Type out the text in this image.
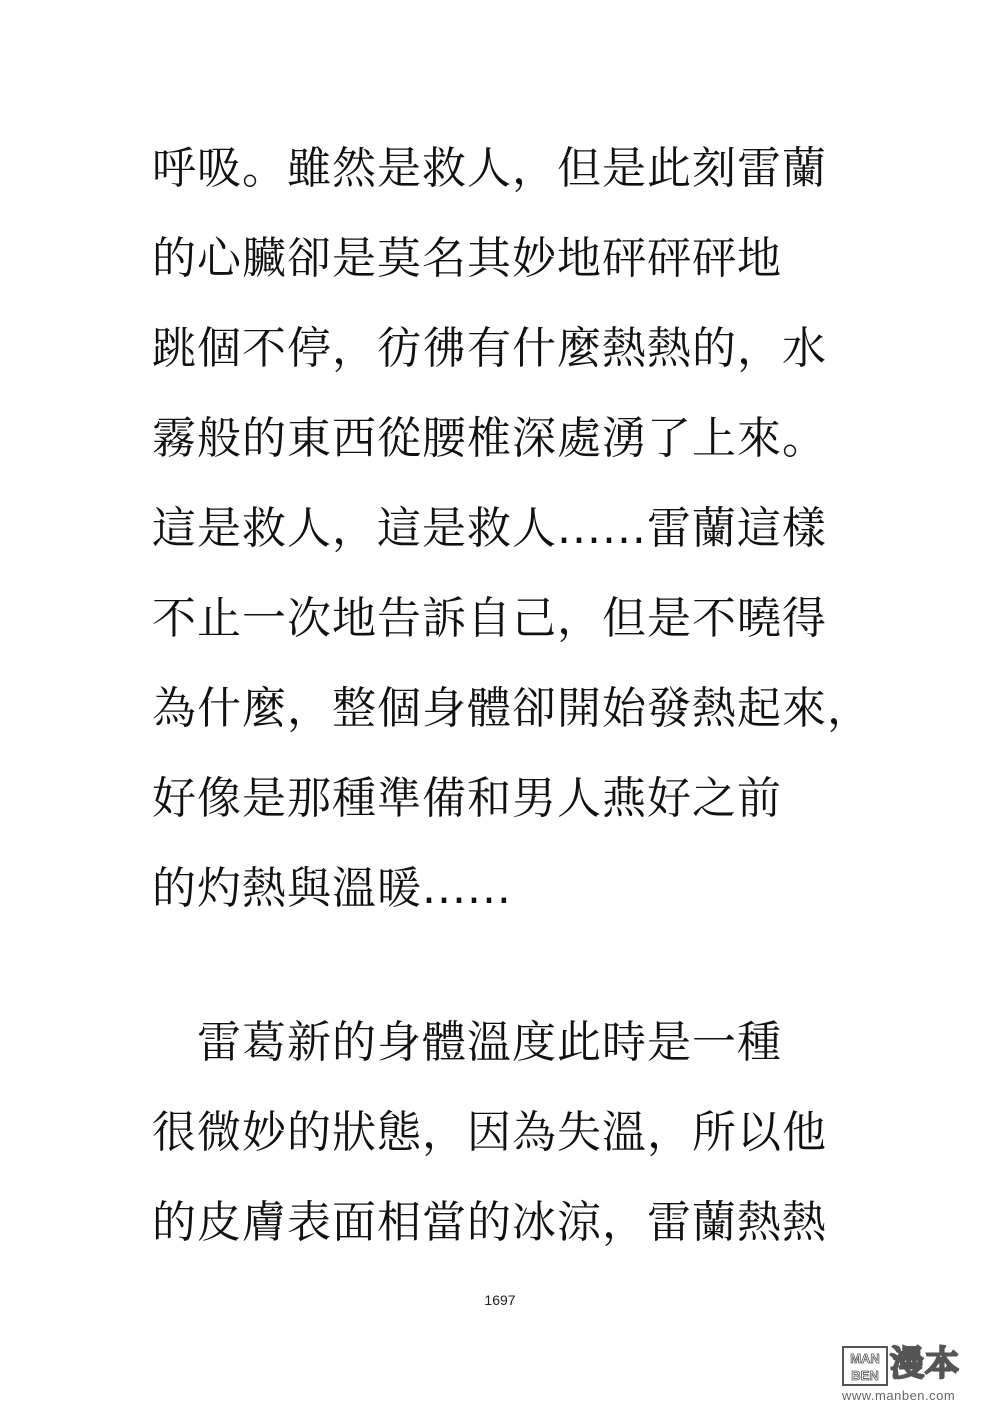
呼吸。雖然是救人，但是此刻雷蘭
的心臟卻是莫名其妙地砰砰砰地
跳個不停，彷彿有什麼熱熱的，水
霧般的東西從腰椎深處湧了上來。
這是救人，這是救人......雷蘭這樣
不止一次地告訴自己，但是不曉得
為什麼，整個身體卻開始發熱起來，
好像是那種準備和男人燕好之前
的灼熱與溫暖......
　雷葛新的身體溫度此時是一種
很微妙的狀態，因為失溫，所以他
的皮膚表面相當的冰涼，雷蘭熱熱
1697
MAN
BEN 漫本
www.manben.com
